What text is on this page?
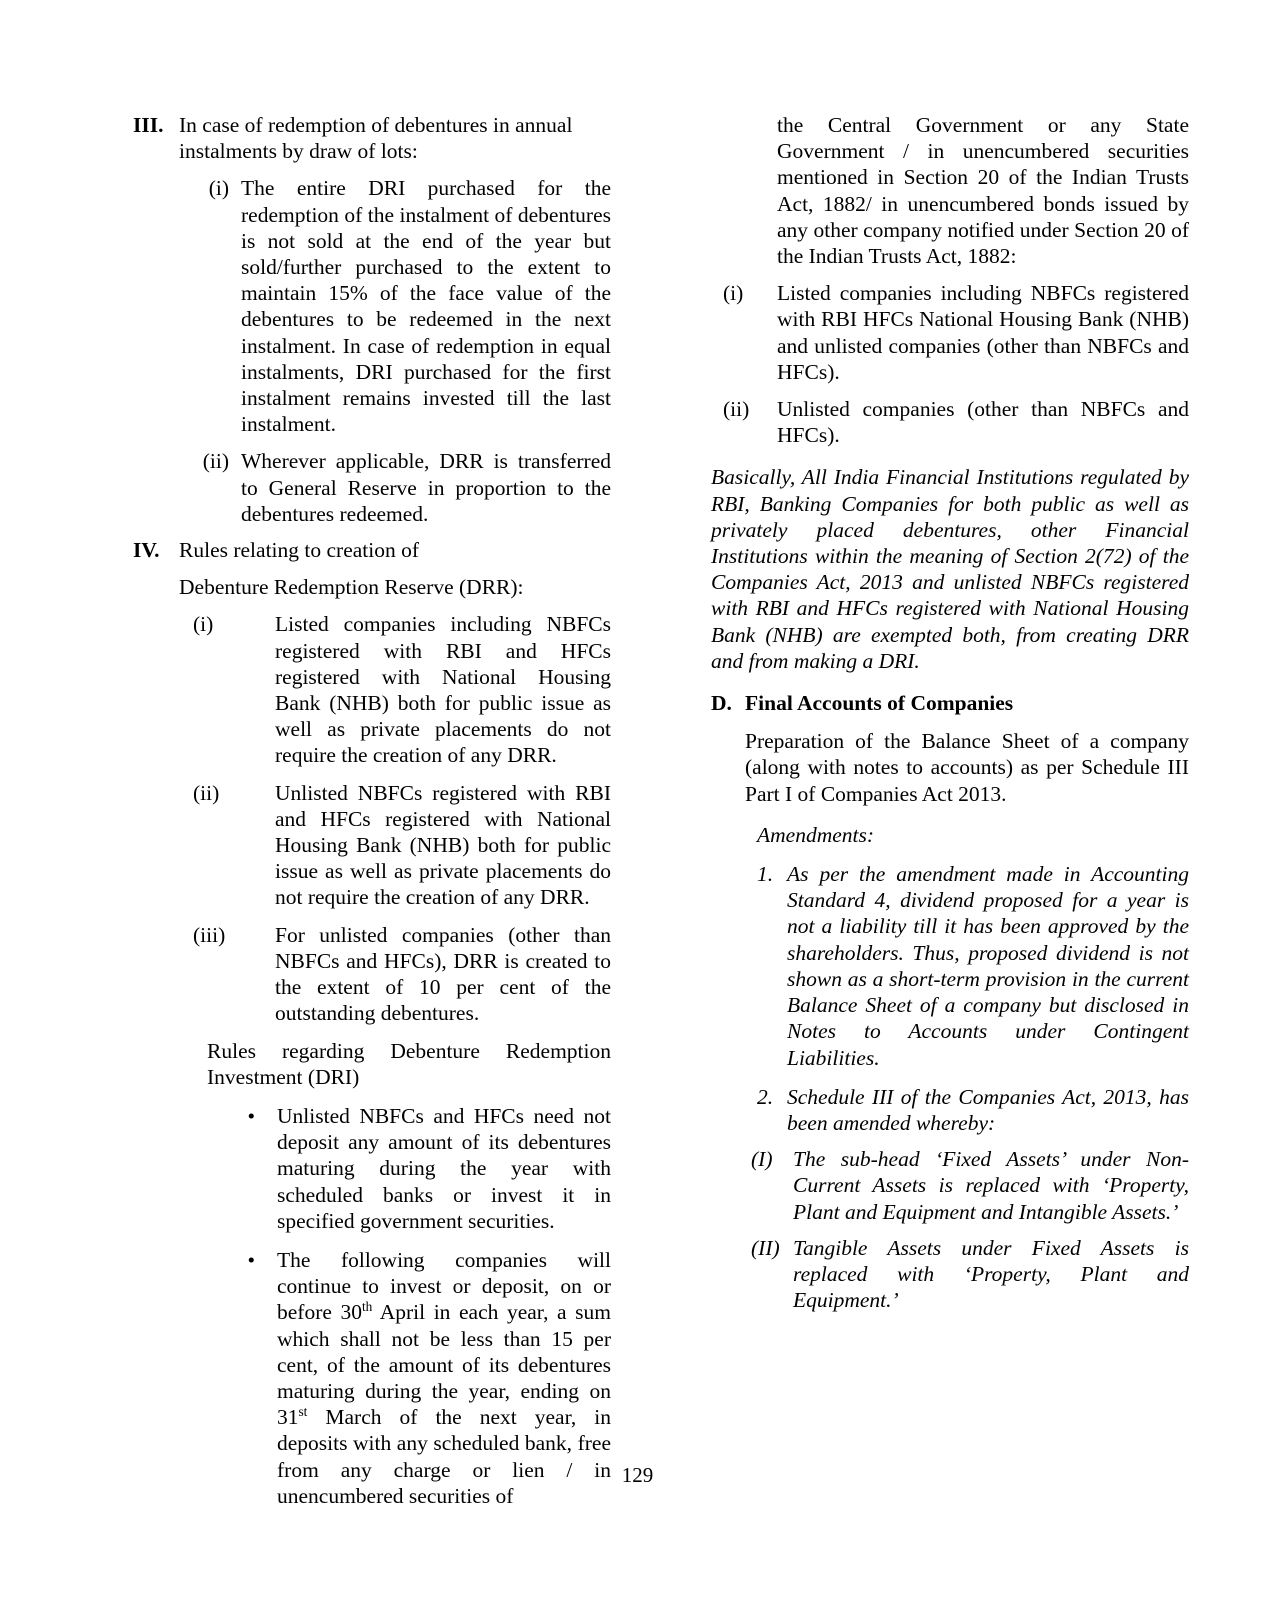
III. In case of redemption of debentures in annual instalments by draw of lots:
(i) The entire DRI purchased for the redemption of the instalment of debentures is not sold at the end of the year but sold/further purchased to the extent to maintain 15% of the face value of the debentures to be redeemed in the next instalment. In case of redemption in equal instalments, DRI purchased for the first instalment remains invested till the last instalment.
(ii) Wherever applicable, DRR is transferred to General Reserve in proportion to the debentures redeemed.
IV. Rules relating to creation of
Debenture Redemption Reserve (DRR):
(i)	Listed companies including NBFCs registered with RBI and HFCs registered with National Housing Bank (NHB) both for public issue as well as private placements do not require the creation of any DRR.
(ii)	Unlisted NBFCs registered with RBI and HFCs registered with National Housing Bank (NHB) both for public issue as well as private placements do not require the creation of any DRR.
(iii)	For unlisted companies (other than NBFCs and HFCs), DRR is created to the extent of 10 per cent of the outstanding debentures.
Rules regarding Debenture Redemption Investment (DRI)
•	Unlisted NBFCs and HFCs need not deposit any amount of its debentures maturing during the year with scheduled banks or invest it in specified government securities.
•	The following companies will continue to invest or deposit, on or before 30th April in each year, a sum which shall not be less than 15 per cent, of the amount of its debentures maturing during the year, ending on 31st March of the next year, in deposits with any scheduled bank, free from any charge or lien / in unencumbered securities of
the Central Government or any State Government / in unencumbered securities mentioned in Section 20 of the Indian Trusts Act, 1882/ in unencumbered bonds issued by any other company notified under Section 20 of the Indian Trusts Act, 1882:
(i)	Listed companies including NBFCs registered with RBI HFCs National Housing Bank (NHB) and unlisted companies (other than NBFCs and HFCs).
(ii)	Unlisted companies (other than NBFCs and HFCs).
Basically, All India Financial Institutions regulated by RBI, Banking Companies for both public as well as privately placed debentures, other Financial Institutions within the meaning of Section 2(72) of the Companies Act, 2013 and unlisted NBFCs registered with RBI and HFCs registered with National Housing Bank (NHB) are exempted both, from creating DRR and from making a DRI.
D. Final Accounts of Companies
Preparation of the Balance Sheet of a company (along with notes to accounts) as per Schedule III Part I of Companies Act 2013.
Amendments:
1. As per the amendment made in Accounting Standard 4, dividend proposed for a year is not a liability till it has been approved by the shareholders. Thus, proposed dividend is not shown as a short-term provision in the current Balance Sheet of a company but disclosed in Notes to Accounts under Contingent Liabilities.
2. Schedule III of the Companies Act, 2013, has been amended whereby:
(I) The sub-head ‘Fixed Assets’ under Non-Current Assets is replaced with ‘Property, Plant and Equipment and Intangible Assets.’
(II) Tangible Assets under Fixed Assets is replaced with ‘Property, Plant and Equipment.’
129
